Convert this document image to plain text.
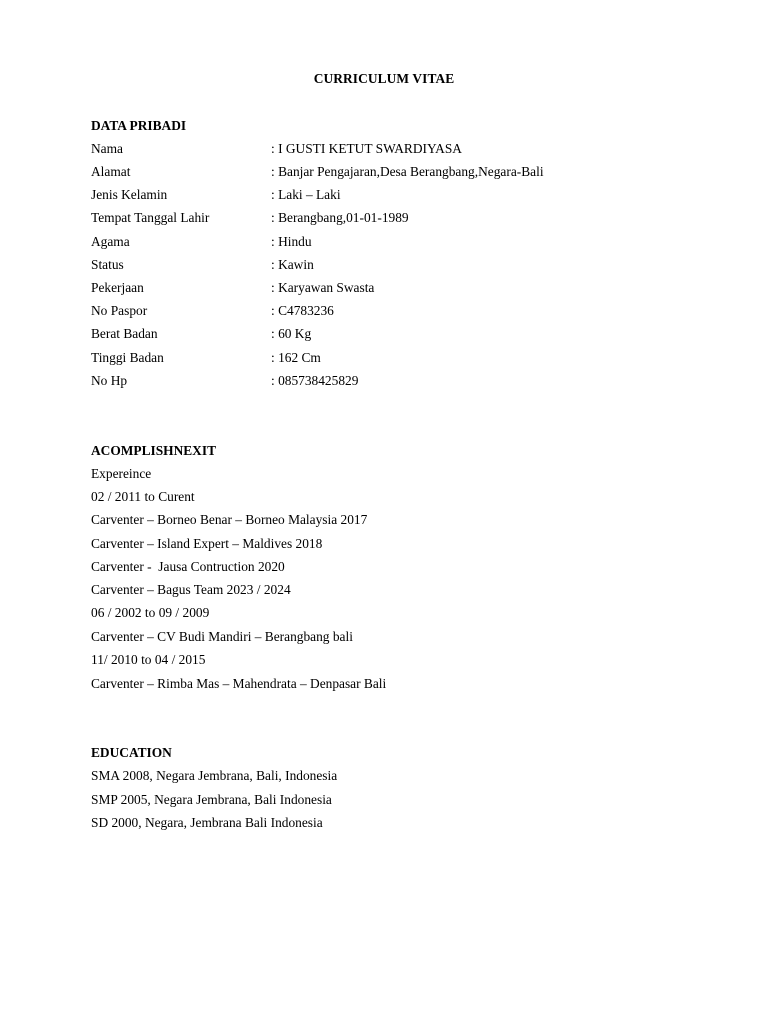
CURRICULUM VITAE
DATA PRIBADI
Nama	: I GUSTI KETUT SWARDIYASA
Alamat	: Banjar Pengajaran,Desa Berangbang,Negara-Bali
Jenis Kelamin	: Laki – Laki
Tempat Tanggal Lahir	: Berangbang,01-01-1989
Agama	: Hindu
Status	: Kawin
Pekerjaan	: Karyawan Swasta
No Paspor	: C4783236
Berat Badan	: 60 Kg
Tinggi Badan	: 162 Cm
No Hp	: 085738425829
ACOMPLISHNEXIT
Expereince
02 / 2011 to Curent
Carventer – Borneo Benar – Borneo Malaysia 2017
Carventer – Island Expert – Maldives 2018
Carventer -  Jausa Contruction 2020
Carventer – Bagus Team 2023 / 2024
06 / 2002 to 09 / 2009
Carventer – CV Budi Mandiri – Berangbang bali
11/ 2010 to 04 / 2015
Carventer – Rimba Mas – Mahendrata – Denpasar Bali
EDUCATION
SMA 2008, Negara Jembrana, Bali, Indonesia
SMP 2005, Negara Jembrana, Bali Indonesia
SD 2000, Negara, Jembrana Bali Indonesia
